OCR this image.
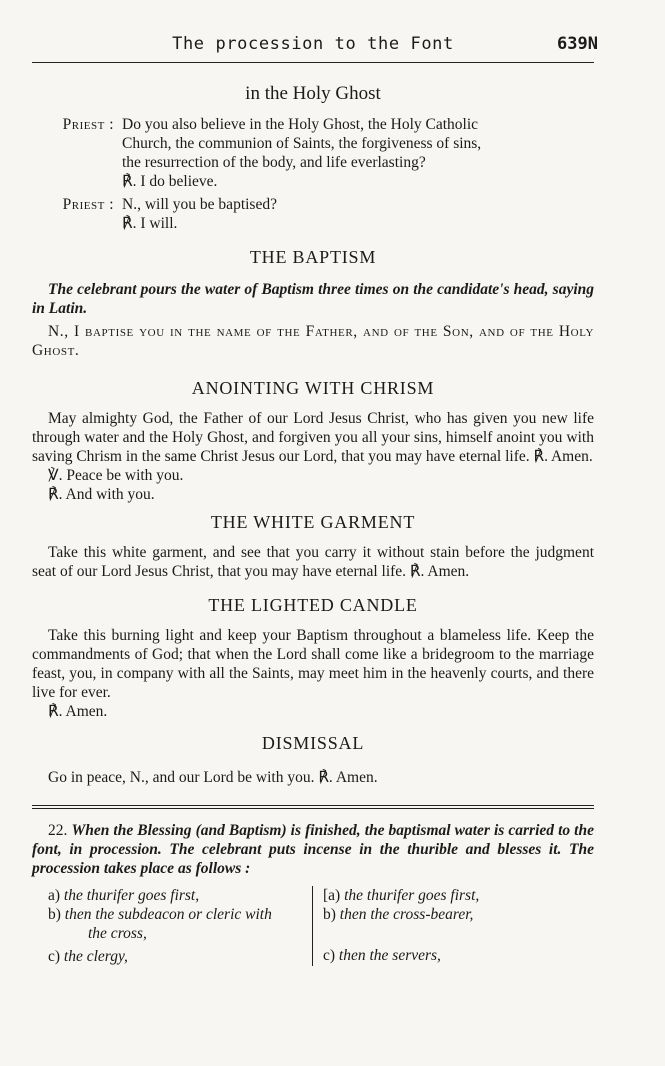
The procession to the Font	639N
in the Holy Ghost
Priest : Do you also believe in the Holy Ghost, the Holy Catholic
Church, the communion of Saints, the forgiveness of sins,
the resurrection of the body, and life everlasting?
℟. I do believe.
Priest : N., will you be baptised?
℟. I will.
THE BAPTISM

The celebrant pours the water of Baptism three times on the candidate's head, saying in Latin.

N., I baptise you in the name of the Father, and of the Son, and of the Holy Ghost.

ANOINTING WITH CHRISM

May almighty God, the Father of our Lord Jesus Christ, who has given you new life through water and the Holy Ghost, and forgiven you all your sins, himself anoint you with saving Chrism in the same Christ Jesus our Lord, that you may have eternal life. ℟. Amen.

℣. Peace be with you.
℟. And with you.
THE WHITE GARMENT

Take this white garment, and see that you carry it without stain before the judgment seat of our Lord Jesus Christ, that you may have eternal life. ℟. Amen.

THE LIGHTED CANDLE

Take this burning light and keep your Baptism throughout a blameless life. Keep the commandments of God; that when the Lord shall come like a bridegroom to the marriage feast, you, in company with all the Saints, may meet him in the heavenly courts, and there live for ever.

℟. Amen.
DISMISSAL

Go in peace, N., and our Lord be with you. ℟. Amen.

22. When the Blessing (and Baptism) is finished, the baptismal water is carried to the font, in procession. The celebrant puts incense in the thurible and blesses it. The procession takes place as follows :

a) the thurifer goes first,
b) then the subdeacon or cleric with
the cross,
c) the clergy,
[a) the thurifer goes first,
b) then the cross-bearer,
c) then the servers,
